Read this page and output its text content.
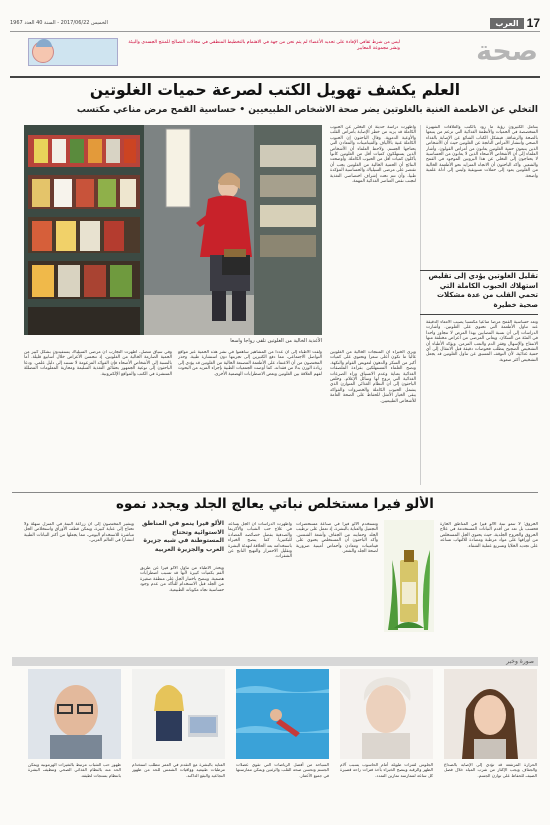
الخميس 2017/06/22 - السنة 40 العدد 1967	العرب 17
ليس من شرط ثقافي الإفادة على تحديد الأعضاء لم يتم نحن من جهة في الاهتمام بالتخطيط المنطقي في مجالات التصالح للمنتج الجسدي والبيئة ونشر مجموعة المعايير	صحة
العلم يكشف تهويل الكتب لصرعة حميات الغلوتين
التخلي عن الأطعمة الغنية بالغلوتين يضر صحة الأشخاص الطبيعيين • حساسية القمح مرض مناعي مكتسب
الأغذية الخالية من الغلوتين تلقى رواجا واسعا
بتنامل الكثيرون رؤية ما رود بالكتب والعلاقات الشهيرة المتخصصة في الحميات والأنظمة الغذائية التي تزعم من يتبعها بالصحة والرشاقة. فيشكل الكتاب الشائع عن الإصابة بالغذاء الصحي وانتشار الأمراض الناتجة عن الغلوتين حيث أن الأشخاص الذين يتبعون حمية الغلوتين يعانون من أمراض القولون. وأشار العلماء إلى أن الأشخاص الأصحاء الذين لا يعانون من الحساسية لا يحتاجون إلى التخلي عن هذا البروتين الموجود في القمح والشعير. وأكد الباحثون أن الاتجاه المتزايد نحو الأطعمة الخالية من الغلوتين يعود إلى حملات تسويقية وليس إلى أدلة علمية واضحة.
وأظهرت دراسة حديثة أن التخلي عن الحبوب الكاملة قد يزيد من خطر الإصابة بأمراض القلب والأوعية الدموية. وقال الباحثون إن الحبوب الكاملة غنية بالألياف والفيتامينات والمعادن التي يحتاجها الجسم. ولاحظ العلماء أن الأشخاص الذين يستهلكون كميات أقل من الغلوتين كانوا يأكلون كميات أقل من الحبوب الكاملة. وأوضحت النتائج أن الحمية الخالية من الغلوتين يجب أن تقتصر على مرضى السيلياك والحساسية المؤكدة طبيا، وأن تتم تحت إشراف اختصاصي التغذية لتجنب نقص العناصر الغذائية المهمة.
تقليل الغلوتين يؤدي إلى تقليص استهلاك الحبوب الكاملة التي تحمي القلب من عدة مشكلات صحية خطيرة
وتعد حساسية القمح مرضا مناعيا مكتسبا يصيب الأمعاء الدقيقة عند تناول الأطعمة التي تحتوي على الغلوتين. وأشارت الدراسات إلى أن نسبة المصابين بهذا المرض لا تتجاوز واحدا في المئة من السكان. ويعاني المرضى من أعراض مختلفة منها الانتفاخ والإسهال وفقر الدم والتعب المزمن. ويؤكد الأطباء أن التشخيص الصحيح يتطلب فحوصات دقيقة قبل الانتقال إلى أي حمية غذائية، لأن التوقف المسبق عن تناول الغلوتين قد يجعل التشخيص أكثر صعوبة.
ويرى الخبراء أن المنتجات الخالية من الغلوتين غالبا ما تكون أعلى سعرا وتحتوي على كميات أكبر من السكر والدهون لتعويض القوام والنكهة. ونصح العلماء المستهلكين بقراءة الملصقات الغذائية بعناية وعدم الانسياق وراء الصرعات الغذائية التي تروج لها وسائل الإعلام. وخلص الباحثون إلى أن النظام الغذائي المتوازن الذي يشمل الحبوب الكاملة والخضروات والفواكه يبقى الخيار الأمثل للحفاظ على الصحة العامة للأشخاص الطبيعيين.
ولفت الأطباء إلى أن عددا من المشاهير ساهموا في نشر هذه الحمية عبر مواقع التواصل الاجتماعي، مما دفع الكثيرين إلى تجربتها دون استشارة طبية. وحذر المختصون من أن الاعتماد على الأطعمة المصنعة الخالية من الغلوتين قد يؤدي إلى زيادة الوزن بدلا من فقدانه. كما أوصت الجمعيات الطبية بإجراء المزيد من البحوث لفهم العلاقة بين الغلوتين وبعض الاضطرابات الهضمية الأخرى.
وفي سياق متصل، أظهرت التجارب أن مرضى السيلياك يستفيدون بشكل كبير من الحمية الصارمة الخالية من الغلوتين، إذ تتحسن الأعراض خلال أسابيع قليلة. أما بالنسبة إلى الأشخاص الأصحاء فإن الفوائد المزعومة لا تستند إلى دليل علمي. ودعا الباحثون إلى توعية الجمهور بحقائق التغذية السليمة ومحاربة المعلومات المضللة المنتشرة في الكتب والمواقع الإلكترونية.
الألو فيرا مستخلص نباتي يعالج الجلد ويجدد نموه
الحروق: لا تنمو نبتة الألو فيرا في المناطق الحارة فحسب بل تعد من أقدم النباتات المستخدمة في علاج الحروق والجروح الجلدية، حيث يحتوي الجل المستخلص من أوراقها على مواد مرطبة ومضادة للالتهاب تساعد على تجديد الخلايا وتسريع عملية الشفاء.
وتستخدم الألو فيرا في صناعة مستحضرات التجميل والعناية بالبشرة، إذ تعمل على ترطيب الجلد وحمايته من الجفاف وأشعة الشمس. وأكد الباحثون أن المستخلص يحتوي على فيتامينات ومعادن وأحماض أمينية ضرورية لصحة الجلد والشعر.
وأظهرت الدراسات أن الجل يساعد في علاج حب الشباب والأكزيما والصدفية بفضل خصائصه المضادة للبكتيريا. كما ينصح الخبراء باستخدامه بعد الحلاقة لتهدئة البشرة وتقليل الاحمرار والتهيج الناتج عن الشفرات.
الألو فيرا ينمو في المناطق الاستوائية وتحتاج المستوطنة في شبه جزيرة العرب والجزيرة العربية
ويحذر الأطباء من تناول الألو فيرا عن طريق الفم بكميات كبيرة لأنها قد تسبب اضطرابات هضمية. وينصح باختبار الجل على منطقة صغيرة من الجلد قبل الاستخدام للتأكد من عدم وجود حساسية تجاه مكوناته الطبيعية.
ويشير المختصون إلى أن زراعة النبتة في المنزل سهلة ولا تحتاج إلى عناية كبيرة، ويمكن قطف الأوراق واستخلاص الجل مباشرة للاستخدام اليومي، مما يجعلها من أكثر النباتات الطبية انتشارا في العالم العربي.
صورة وخبر
الحرارة المرتفعة قد تؤدي إلى الإصابة بالصداع والجفاف ويجب الإكثار من شرب المياه خلال فصل الصيف للحفاظ على توازن الجسم.
الجلوس لفترات طويلة أمام الحاسوب يسبب آلام الظهر والرقبة وينصح الخبراء بأخذ فترات راحة قصيرة كل ساعة لممارسة تمارين التمدد.
السباحة من أفضل الرياضات التي تقوي عضلات الجسم وتحسن صحة القلب والرئتين ويمكن ممارستها في جميع الأعمار.
العناية بالبشرة مع التقدم في العمر تتطلب استخدام مرطبات طبيعية وواقيات الشمس للحد من ظهور التجاعيد والبقع الداكنة.
ظهور حب الشباب مرتبط بالتغيرات الهرمونية ويمكن الحد منه بالنظام الغذائي الصحي وتنظيف البشرة بانتظام بمنتجات لطيفة.
